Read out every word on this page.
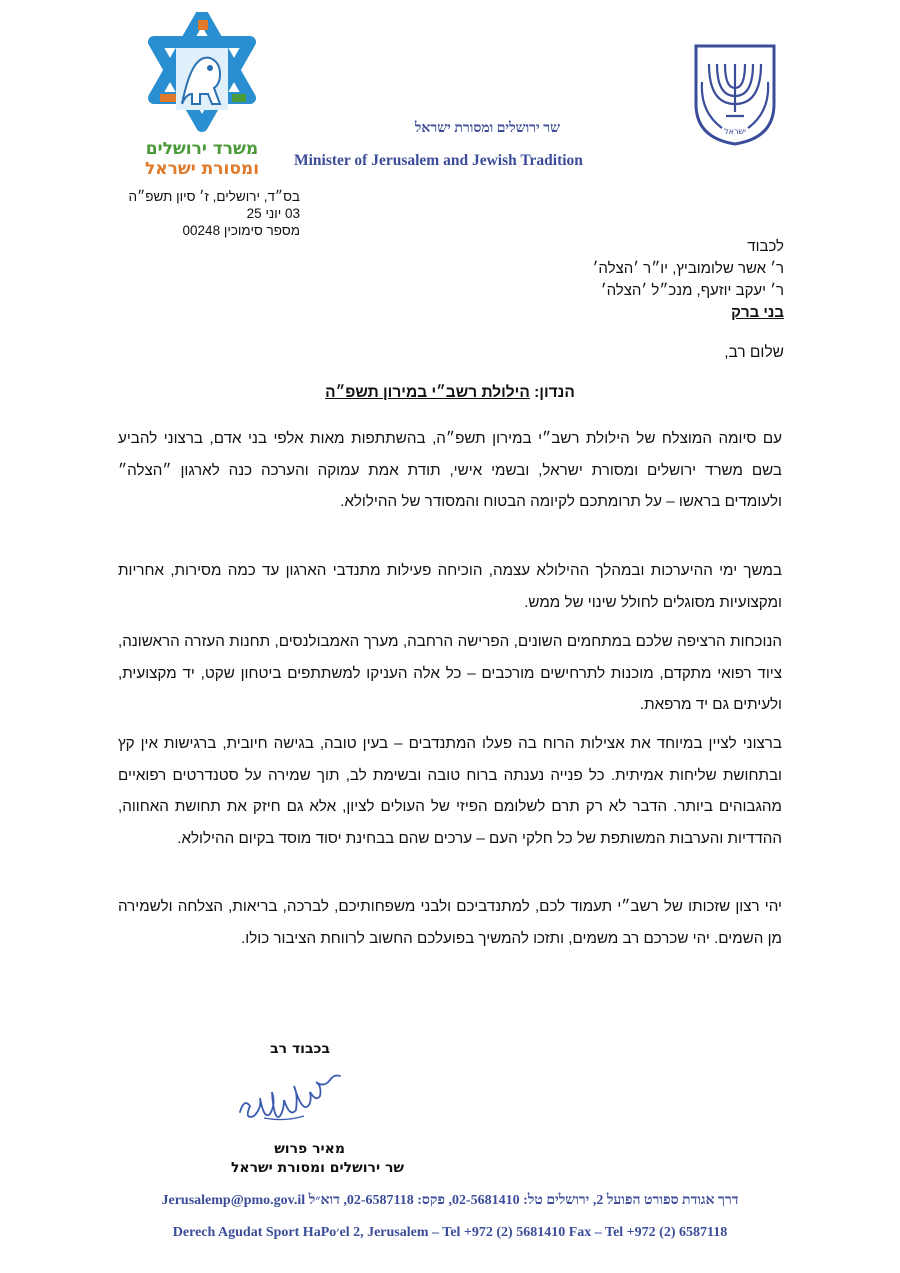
משרד ירושלים
ומסורת ישראל
ישראל
שר ירושלים ומסורת ישראל
Minister of Jerusalem and Jewish Tradition
בס״ד, ירושלים, ז׳ סיון תשפ״ה
03 יוני 25
מספר סימוכין 00248
לכבוד
ר׳ אשר שלומוביץ, יו״ר ׳הצלה׳
ר׳ יעקב יוזעף, מנכ״ל ׳הצלה׳
בני ברק
שלום רב,
הנדון: הילולת רשב״י במירון תשפ״ה
עם סיומה המוצלח של הילולת רשב״י במירון תשפ״ה, בהשתתפות מאות אלפי בני אדם, ברצוני להביע בשם משרד ירושלים ומסורת ישראל, ובשמי אישי, תודת אמת עמוקה והערכה כנה לארגון ״הצלה״ ולעומדים בראשו – על תרומתכם לקיומה הבטוח והמסודר של ההילולא.
במשך ימי ההיערכות ובמהלך ההילולא עצמה, הוכיחה פעילות מתנדבי הארגון עד כמה מסירות, אחריות ומקצועיות מסוגלים לחולל שינוי של ממש.
הנוכחות הרציפה שלכם במתחמים השונים, הפרישה הרחבה, מערך האמבולנסים, תחנות העזרה הראשונה, ציוד רפואי מתקדם, מוכנות לתרחישים מורכבים – כל אלה העניקו למשתתפים ביטחון שקט, יד מקצועית, ולעיתים גם יד מרפאת.
ברצוני לציין במיוחד את אצילות הרוח בה פעלו המתנדבים – בעין טובה, בגישה חיובית, ברגישות אין קץ ובתחושת שליחות אמיתית. כל פנייה נענתה ברוח טובה ובשימת לב, תוך שמירה על סטנדרטים רפואיים מהגבוהים ביותר. הדבר לא רק תרם לשלומם הפיזי של העולים לציון, אלא גם חיזק את תחושת האחווה, ההדדיות והערבות המשותפת של כל חלקי העם – ערכים שהם בבחינת יסוד מוסד בקיום ההילולא.
יהי רצון שזכותו של רשב״י תעמוד לכם, למתנדביכם ולבני משפחותיכם, לברכה, בריאות, הצלחה ולשמירה מן השמים. יהי שכרכם רב משמים, ותזכו להמשיך בפועלכם החשוב לרווחת הציבור כולו.
בכבוד רב
מאיר פרוש
שר ירושלים ומסורת ישראל
דרך אגודת ספורט הפועל 2, ירושלים טל: 02-5681410, פקס: 02-6587118, דוא״ל Jerusalemp@pmo.gov.il
Derech Agudat Sport HaPo׳el 2, Jerusalem – Tel +972 (2) 5681410 Fax – Tel +972 (2) 6587118
